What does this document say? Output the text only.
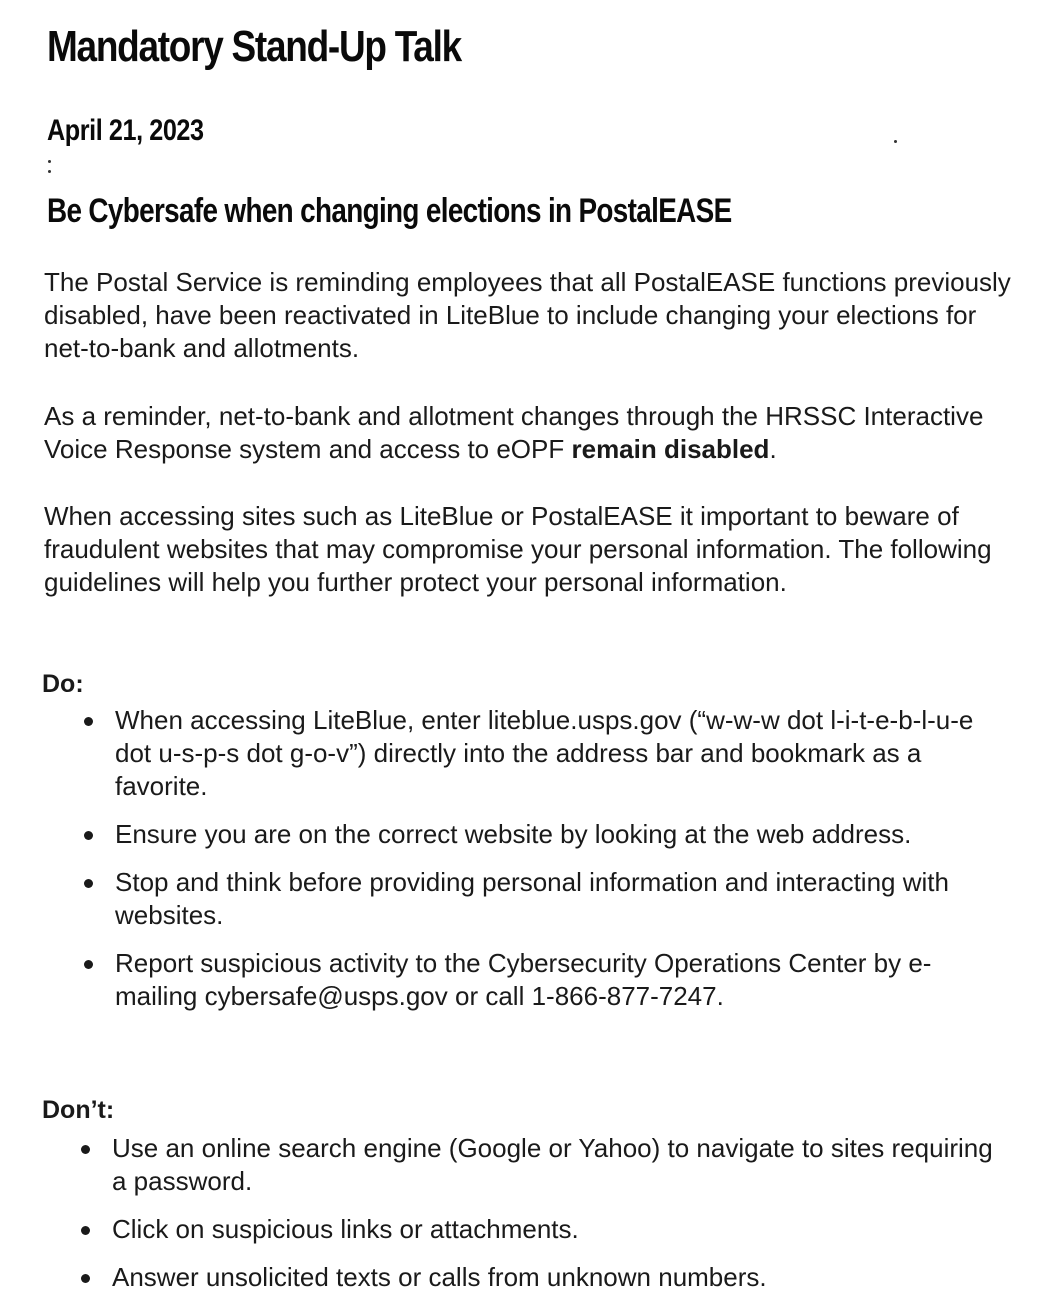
Mandatory Stand-Up Talk
April 21, 2023
Be Cybersafe when changing elections in PostalEASE
The Postal Service is reminding employees that all PostalEASE functions previously disabled, have been reactivated in LiteBlue to include changing your elections for net-to-bank and allotments.
As a reminder, net-to-bank and allotment changes through the HRSSC Interactive Voice Response system and access to eOPF remain disabled.
When accessing sites such as LiteBlue or PostalEASE it important to beware of fraudulent websites that may compromise your personal information. The following guidelines will help you further protect your personal information.
Do:
When accessing LiteBlue, enter liteblue.usps.gov (“w-w-w dot l-i-t-e-b-l-u-e dot u-s-p-s dot g-o-v”) directly into the address bar and bookmark as a favorite.
Ensure you are on the correct website by looking at the web address.
Stop and think before providing personal information and interacting with websites.
Report suspicious activity to the Cybersecurity Operations Center by e-mailing cybersafe@usps.gov or call 1-866-877-7247.
Don’t:
Use an online search engine (Google or Yahoo) to navigate to sites requiring a password.
Click on suspicious links or attachments.
Answer unsolicited texts or calls from unknown numbers.
